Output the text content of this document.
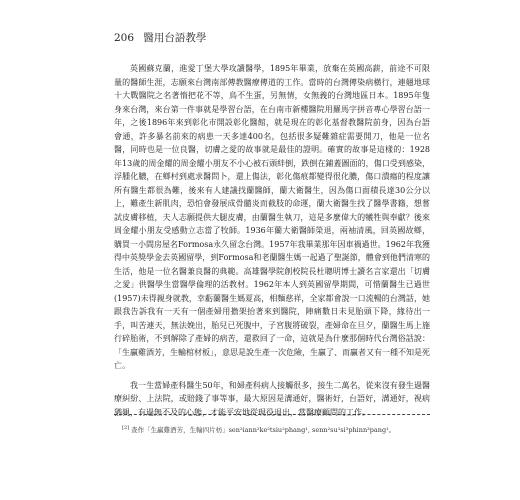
206 醫用台語教學

英國蘇克蘭，進愛丁堡大學攻讀醫學，1895年畢業，放棄在英國高薪，前途不可限量的醫師生涯，志願來台灣南部傳教醫療傳道的工作。當時的台灣傳染病橫行，連翹地球十大戰醫院之名著惰把花不等，鳥不生蛋，另無情，女無義的台灣地區日本。1895年隻身來台灣，來台第一件事就是學習台語，在台南市新樓醫院用羅馬字拼音專心學習台語一年，之後1896年來到彰化市開設彰化醫館，就是現在的彰化基督教醫院前身，因為台語會通，許多暴名前來的病患一天多達400名，包括很多疑難雜症需要開刀，他是一位名醫，同時也是一位良醫，切膚之愛的故事就是最佳的證明。確實的故事是這樣的：1928年13歲的周金耀的周金耀小朋友不小心被石頭絆倒，跌倒在鋪蓋圖面的，傷口受到感染，浮腫化膿，在鄉村到處求醫問卜，還上傷法，彰化傷痕都變得很化膿，傷口潰瘍的程度讓所有醫生都很為難，後來有人建議找蘭醫師，蘭大衛醫生，因為傷口面積長達30公分以上，難產生新肌肉，恐怕會發展成骨髓炎而截肢的命運，蘭大衛醫生找了醫學書籍，想嘗試皮膚移植，夫人志願提供大腿皮膚，由蘭醫生執刀，這是多麼偉大的犧牲與奉獻？後來周金耀小朋友受感動立志當了牧師。1936年蘭大衛醫師榮退，兩袖清風，回英國故鄉，購買一小間房屋名Formosa永久留念台灣。1957年我畢業那年因車禍過世。1962年我獲得中英獎學金去英國留學，到Formosa和老蘭醫生媽一起過了聖誕節，體會到他們清寒的生活，他是一位名醫兼良醫的典範。高雄醫學院創校院長杜聰明博士讀名言家還出「切膚之愛」供醫學生當醫學倫理的活教材。1962年本人到英國留學期間，可惜蘭醫生已過世(1957)未得親身就教，幸虧蘭醫生媽夏高，相麵慈祥，全家都會說一口流暢的台灣話，她跟我告訴我有一天有一個產婦用擔架抬著來到醫院，陣痛數日未見胎頭下降，緣待出一手，叫苦連天，無法娩出，胎兒已死腹中，子宮腹將破裂，產婦命在旦夕，蘭醫生馬上施行碎胎術，不到解除了產婦的病苦，還救回了一命，這就是為什麼那個時代台灣俗話說：「生贏雞酒芳，生輸棺材板」，意思是說生產一次危險，生贏了、而贏者又有一種不知是死亡。

我一生當婦產科醫生50年，和婦產科病人接觸很多，接生二萬名，從來沒有發生過醫療糾紛、上法院，或賠錢了事等事，最大原因是溝通好，醫術好，台語好，溝通好，視病猶親，有過無不及的心態，才能平安地從現役退出，當醫療顧問的工作。

[2] 查作「生贏雞酒芳，生輸四片枋」sen²iann²ke²tsiu²phang¹, senn²su¹si³phinn³pang¹。
